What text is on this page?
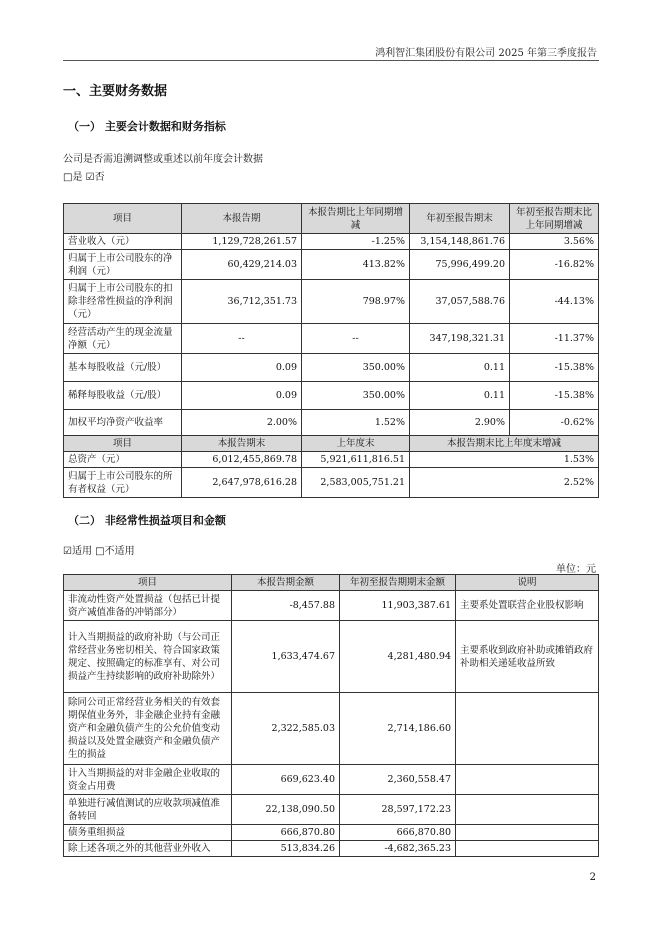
鸿利智汇集团股份有限公司 2025 年第三季度报告
一、主要财务数据
（一） 主要会计数据和财务指标
公司是否需追溯调整或重述以前年度会计数据
□是 ☑否
项目	本报告期	本报告期比上年同期增减	年初至报告期末	年初至报告期末比上年同期增减
营业收入（元）	1,129,728,261.57	-1.25%	3,154,148,861.76	3.56%
归属于上市公司股东的净利润（元）	60,429,214.03	413.82%	75,996,499.20	-16.82%
归属于上市公司股东的扣除非经常性损益的净利润（元）	36,712,351.73	798.97%	37,057,588.76	-44.13%
经营活动产生的现金流量净额（元）	--	--	347,198,321.31	-11.37%
基本每股收益（元/股）	0.09	350.00%	0.11	-15.38%
稀释每股收益（元/股）	0.09	350.00%	0.11	-15.38%
加权平均净资产收益率	2.00%	1.52%	2.90%	-0.62%
项目	本报告期末	上年度末	本报告期末比上年度末增减	
总资产（元）	6,012,455,869.78	5,921,611,816.51	1.53%	
归属于上市公司股东的所有者权益（元）	2,647,978,616.28	2,583,005,751.21	2.52%	
（二） 非经常性损益项目和金额
☑适用 □不适用
单位：元
项目	本报告期金额	年初至报告期期末金额	说明
非流动性资产处置损益（包括已计提资产减值准备的冲销部分）	-8,457.88	11,903,387.61	主要系处置联营企业股权影响
计入当期损益的政府补助（与公司正常经营业务密切相关、符合国家政策规定、按照确定的标准享有、对公司损益产生持续影响的政府补助除外）	1,633,474.67	4,281,480.94	主要系收到政府补助或摊销政府补助相关递延收益所致
除同公司正常经营业务相关的有效套期保值业务外，非金融企业持有金融资产和金融负债产生的公允价值变动损益以及处置金融资产和金融负债产生的损益	2,322,585.03	2,714,186.60	
计入当期损益的对非金融企业收取的资金占用费	669,623.40	2,360,558.47	
单独进行减值测试的应收款项减值准备转回	22,138,090.50	28,597,172.23	
债务重组损益	666,870.80	666,870.80	
除上述各项之外的其他营业外收入	513,834.26	-4,682,365.23	
2
